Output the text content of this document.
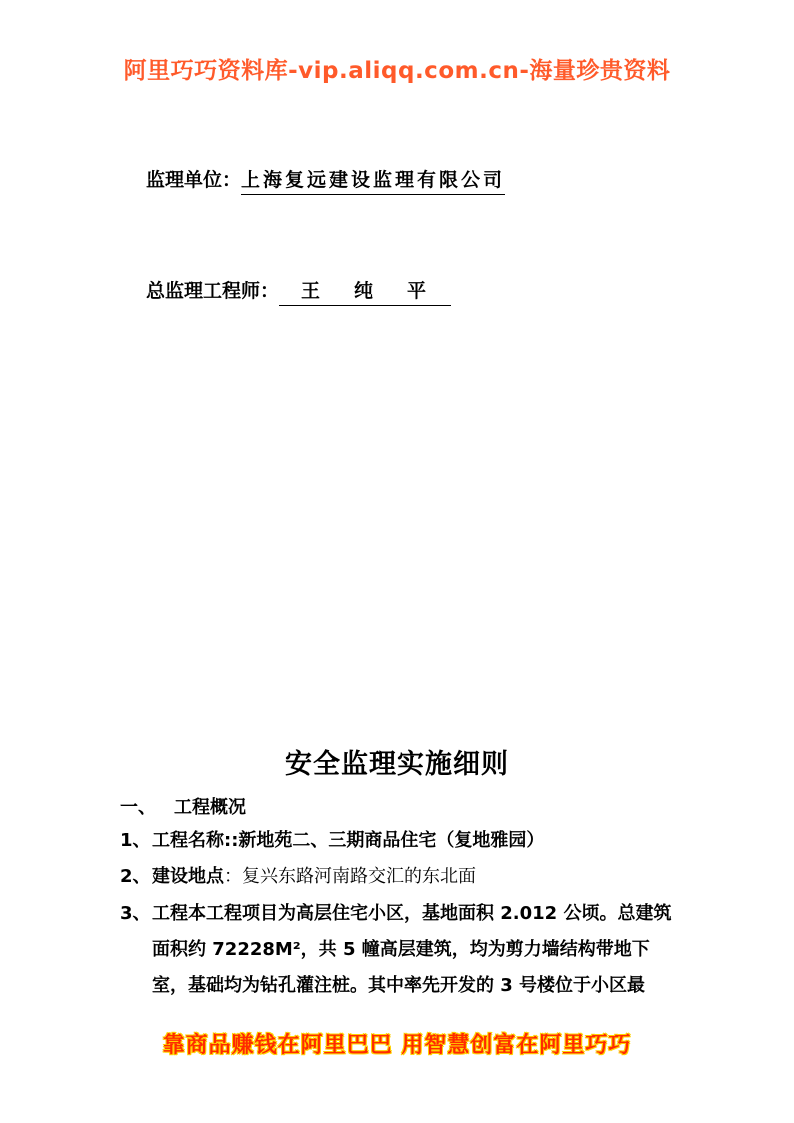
阿里巧巧资料库-vip.aliqq.com.cn-海量珍贵资料
监理单位：上海复远建设监理有限公司
总监理工程师： 王纯平
安全监理实施细则
一、 工程概况
1、工程名称::新地苑二、三期商品住宅（复地雅园）
2、建设地点：复兴东路河南路交汇的东北面
3、 工程本工程项目为高层住宅小区，基地面积 2.012 公顷。总建筑面积约 72228M²，共 5 幢高层建筑，均为剪力墙结构带地下室，基础均为钻孔灌注桩。其中率先开发的 3 号楼位于小区最
靠商品赚钱在阿里巴巴 用智慧创富在阿里巧巧
